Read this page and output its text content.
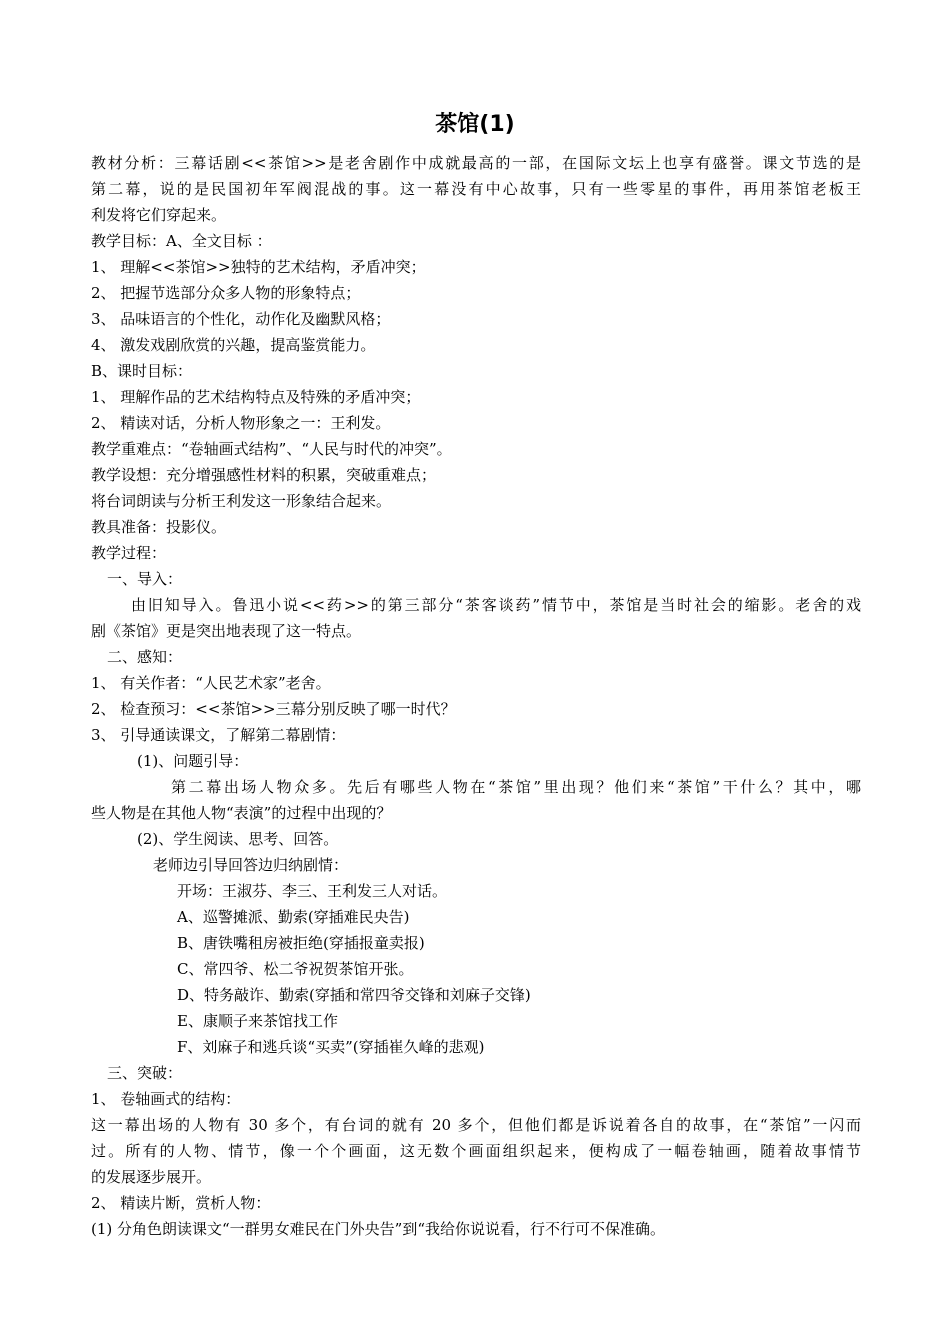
茶馆(1)
教材分析：三幕话剧<<茶馆>>是老舍剧作中成就最高的一部，在国际文坛上也享有盛誉。课文节选的是
第二幕，说的是民国初年军阀混战的事。这一幕没有中心故事，只有一些零星的事件，再用茶馆老板王
利发将它们穿起来。
教学目标：A、全文目标 ：
1、 理解<<茶馆>>独特的艺术结构，矛盾冲突；
2、 把握节选部分众多人物的形象特点；
3、 品味语言的个性化，动作化及幽默风格；
4、 激发戏剧欣赏的兴趣，提高鉴赏能力。
B、课时目标：
1、 理解作品的艺术结构特点及特殊的矛盾冲突；
2、 精读对话，分析人物形象之一：王利发。
教学重难点：“卷轴画式结构”、“人民与时代的冲突”。
教学设想：充分增强感性材料的积累，突破重难点；
将台词朗读与分析王利发这一形象结合起来。
教具准备：投影仪。
教学过程：
一、导入：
由旧知导入。鲁迅小说<<药>>的第三部分“茶客谈药”情节中，茶馆是当时社会的缩影。老舍的戏
剧《茶馆》更是突出地表现了这一特点。
二、感知：
1、 有关作者：“人民艺术家”老舍。
2、 检查预习：<<茶馆>>三幕分别反映了哪一时代？
3、 引导通读课文，了解第二幕剧情：
(1)、问题引导：
第二幕出场人物众多。先后有哪些人物在“茶馆”里出现？他们来“茶馆”干什么？其中，哪
些人物是在其他人物“表演”的过程中出现的？
(2)、学生阅读、思考、回答。
老师边引导回答边归纳剧情：
开场：王淑芬、李三、王利发三人对话。
A、巡警摊派、勤索(穿插难民央告)
B、唐铁嘴租房被拒绝(穿插报童卖报)
C、常四爷、松二爷祝贺茶馆开张。
D、特务敲诈、勤索(穿插和常四爷交锋和刘麻子交锋)
E、康顺子来茶馆找工作
F、刘麻子和逃兵谈“买卖”(穿插崔久峰的悲观)
三、突破：
1、 卷轴画式的结构：
这一幕出场的人物有 30 多个，有台词的就有 20 多个，但他们都是诉说着各自的故事，在“茶馆”一闪而
过。所有的人物、情节，像一个个画面，这无数个画面组织起来，便构成了一幅卷轴画，随着故事情节
的发展逐步展开。
2、 精读片断，赏析人物：
(1) 分角色朗读课文“一群男女难民在门外央告”到“我给你说说看，行不行可不保准确。
